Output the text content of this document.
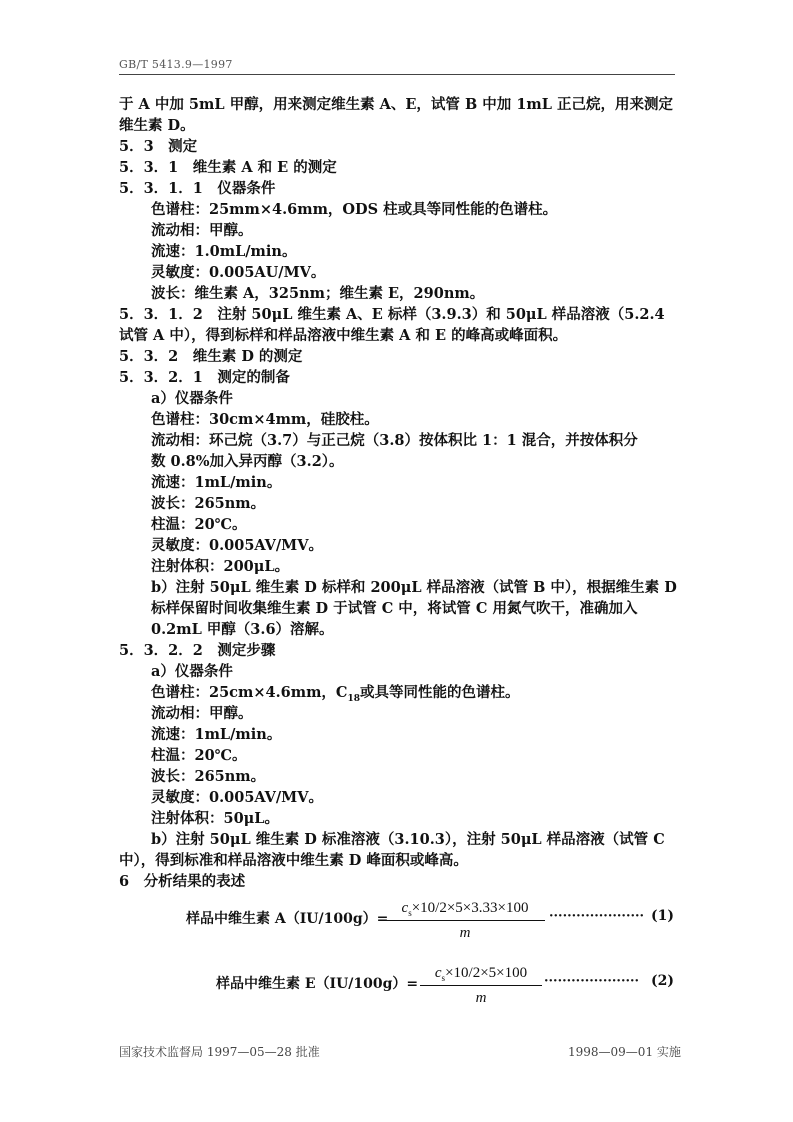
GB/T 5413.9—1997
于 A 中加 5mL 甲醇，用来测定维生素 A、E，试管 B 中加 1mL 正己烷，用来测定
维生素 D。
5．3　测定
5．3．1　维生素 A 和 E 的测定
5．3．1．1　仪器条件
色谱柱：25mm×4.6mm，ODS 柱或具等同性能的色谱柱。
流动相：甲醇。
流速：1.0mL/min。
灵敏度：0.005AU/MV。
波长：维生素 A，325nm；维生素 E，290nm。
5．3．1．2　注射 50μL 维生素 A、E 标样（3.9.3）和 50μL 样品溶液（5.2.4
试管 A 中），得到标样和样品溶液中维生素 A 和 E 的峰高或峰面积。
5．3．2　维生素 D 的测定
5．3．2．1　测定的制备
a）仪器条件
色谱柱：30cm×4mm，硅胶柱。
流动相：环己烷（3.7）与正己烷（3.8）按体积比 1：1 混合，并按体积分
数 0.8%加入异丙醇（3.2）。
流速：1mL/min。
波长：265nm。
柱温：20℃。
灵敏度：0.005AV/MV。
注射体积：200μL。
b）注射 50μL 维生素 D 标样和 200μL 样品溶液（试管 B 中），根据维生素 D
标样保留时间收集维生素 D 于试管 C 中，将试管 C 用氮气吹干，准确加入
0.2mL 甲醇（3.6）溶解。
5．3．2．2　测定步骤
a）仪器条件
色谱柱：25cm×4.6mm，$C_{18}$或具等同性能的色谱柱。
流动相：甲醇。
流速：1mL/min。
柱温：20℃。
波长：265nm。
灵敏度：0.005AV/MV。
注射体积：50μL。
b）注射 50μL 维生素 D 标准溶液（3.10.3），注射 50μL 样品溶液（试管 C
中），得到标准和样品溶液中维生素 D 峰面积或峰高。
6　分析结果的表述
样品中维生素 A（IU/100g）=
$\frac{c_s\times 10/2\times 5\times 3.33\times 100}{m}$ ····················· (1)
样品中维生素 $E(IU/100g)= \frac{c_s\times 10/2\times 5\times 100}{m}$ ····················· (2)
国家技术监督局 1997—05—28 批准	1998—09—01 实施
